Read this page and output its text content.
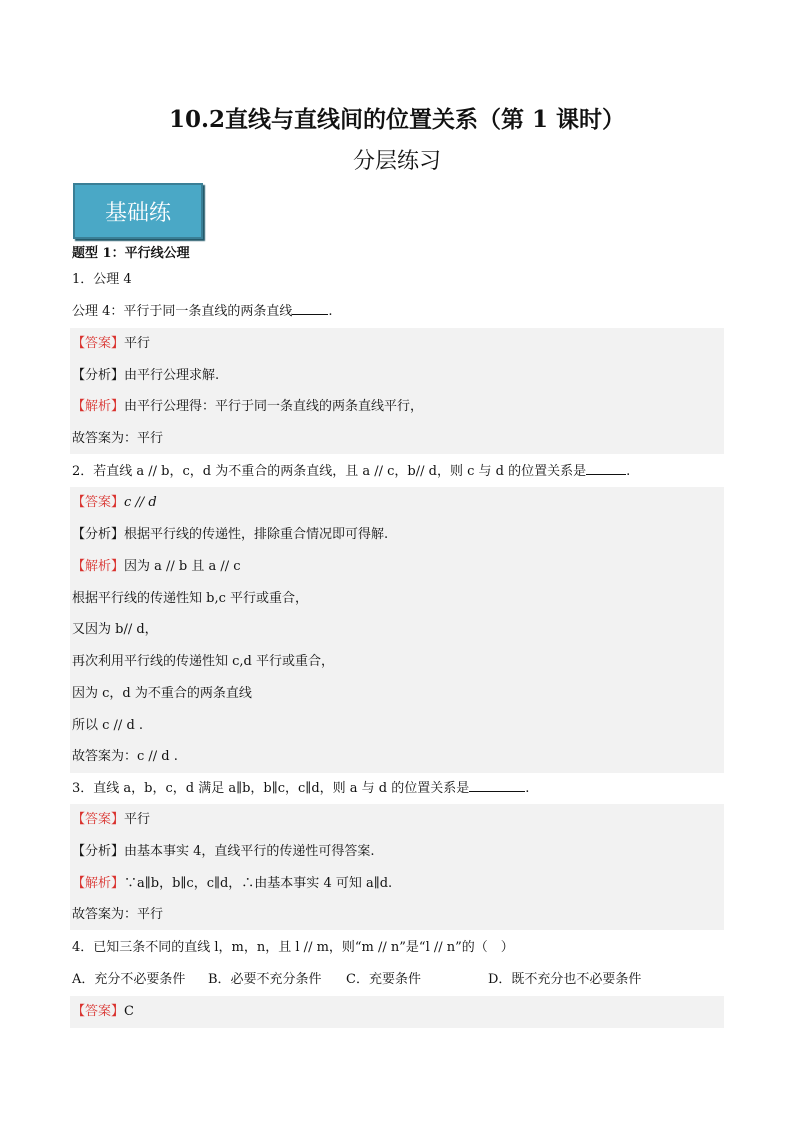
10.2直线与直线间的位置关系（第 1 课时）
分层练习
基础练
题型 1：平行线公理
1．公理 4
公理 4：平行于同一条直线的两条直线	.
【答案】平行
【分析】由平行公理求解.
【解析】由平行公理得：平行于同一条直线的两条直线平行，
故答案为：平行
2．若直线 a // b，c，d 为不重合的两条直线，且 a // c，b// d，则 c 与 d 的位置关系是	.
【答案】c // d
【分析】根据平行线的传递性，排除重合情况即可得解.
【解析】因为 a // b 且 a // c
根据平行线的传递性知 b,c 平行或重合，
又因为 b// d，
再次利用平行线的传递性知 c,d 平行或重合，
因为 c，d 为不重合的两条直线
所以 c // d .
故答案为：c // d .
3．直线 a，b，c，d 满足 a∥b，b∥c，c∥d，则 a 与 d 的位置关系是	.
【答案】平行
【分析】由基本事实 4，直线平行的传递性可得答案.
【解析】∵a∥b，b∥c，c∥d，∴由基本事实 4 可知 a∥d.
故答案为：平行
4．已知三条不同的直线 l，m，n，且 l // m，则“m // n”是“l // n”的（　）
A．充分不必要条件 B．必要不充分条件 C．充要条件	D．既不充分也不必要条件
【答案】C
